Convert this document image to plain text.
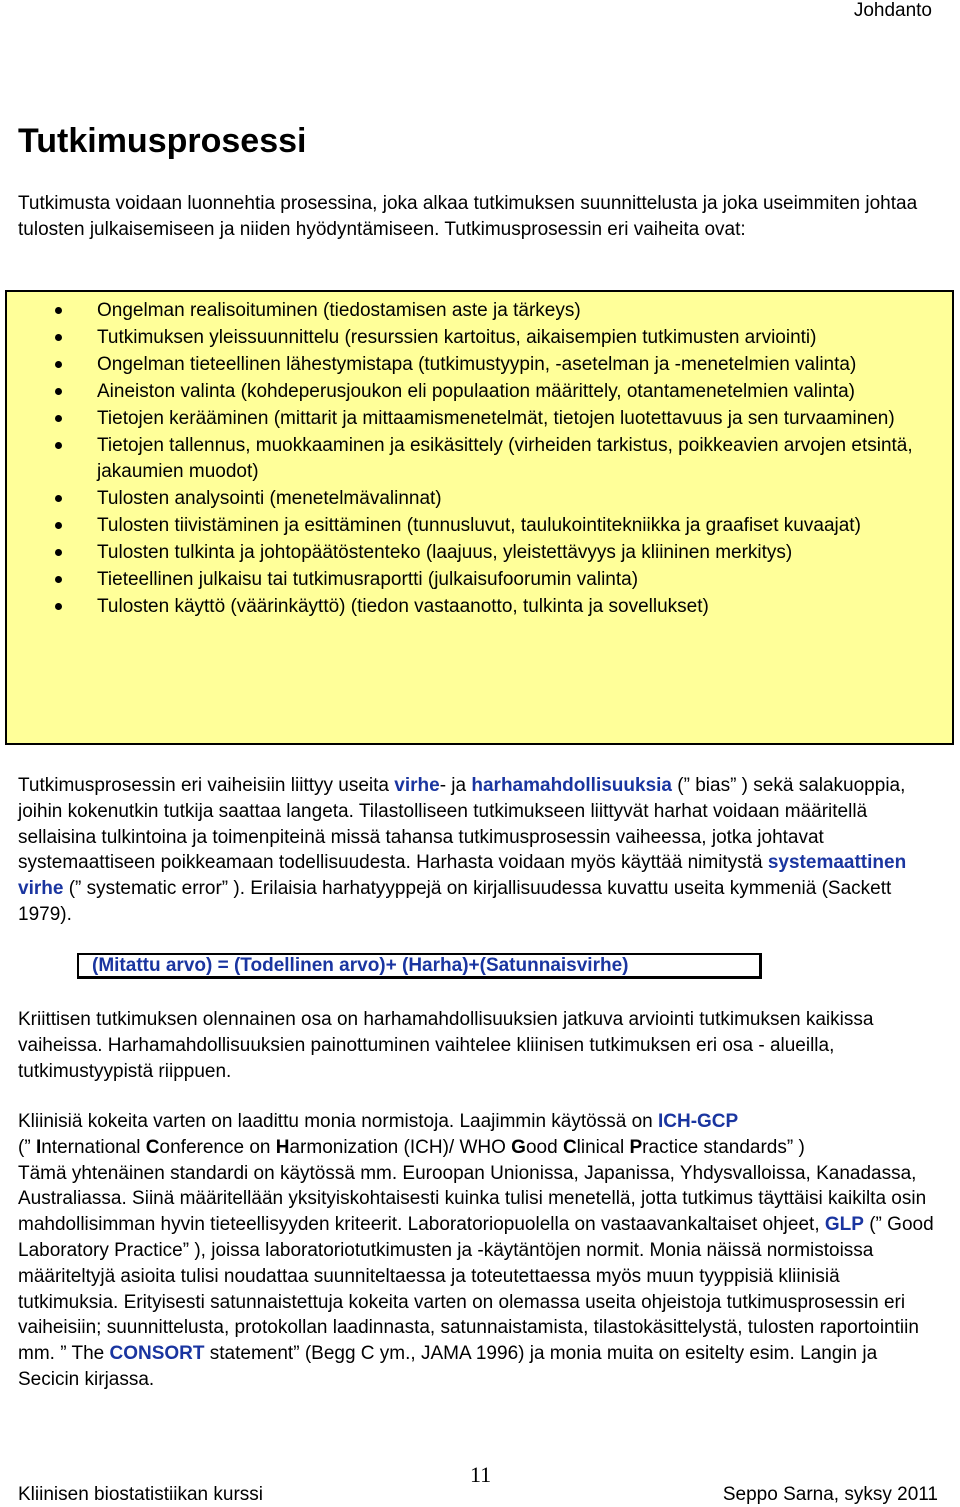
Johdanto
Tutkimusprosessi
Tutkimusta voidaan luonnehtia prosessina, joka alkaa tutkimuksen suunnittelusta ja joka useimmiten johtaa tulosten julkaisemiseen ja niiden hyödyntämiseen. Tutkimusprosessin eri vaiheita ovat:
Ongelman realisoituminen (tiedostamisen aste ja tärkeys)
Tutkimuksen yleissuunnittelu (resurssien kartoitus, aikaisempien tutkimusten arviointi)
Ongelman tieteellinen lähestymistapa (tutkimustyypin, -asetelman ja -menetelmien valinta)
Aineiston valinta (kohdeperusjoukon eli populaation määrittely, otantamenetelmien valinta)
Tietojen kerääminen (mittarit ja mittaamismenetelmät, tietojen luotettavuus ja sen turvaaminen)
Tietojen tallennus, muokkaaminen ja esikäsittely (virheiden tarkistus, poikkeavien arvojen etsintä, jakaumien muodot)
Tulosten analysointi (menetelmävalinnat)
Tulosten tiivistäminen ja esittäminen (tunnusluvut, taulukointitekniikka ja graafiset kuvaajat)
Tulosten tulkinta ja johtopäätöstenteko (laajuus, yleistettävyys ja kliininen merkitys)
Tieteellinen julkaisu tai tutkimusraportti (julkaisufoorumin valinta)
Tulosten käyttö (väärinkäyttö) (tiedon vastaanotto, tulkinta ja sovellukset)
Tutkimusprosessin eri vaiheisiin liittyy useita virhe- ja harhamahdollisuuksia (” bias” ) sekä salakuoppia, joihin kokenutkin tutkija saattaa langeta. Tilastolliseen tutkimukseen liittyvät harhat voidaan määritellä sellaisina tulkintoina ja toimenpiteinä missä tahansa tutkimusprosessin vaiheessa, jotka johtavat systemaattiseen poikkeamaan todellisuudesta. Harhasta voidaan myös käyttää nimitystä systemaattinen virhe (” systematic error” ). Erilaisia harhatyyppejä on kirjallisuudessa kuvattu useita kymmeniä (Sackett 1979).
(Mitattu arvo) = (Todellinen arvo)+ (Harha)+(Satunnaisvirhe)
Kriittisen tutkimuksen olennainen osa on harhamahdollisuuksien jatkuva arviointi tutkimuksen kaikissa vaiheissa. Harhamahdollisuuksien painottuminen vaihtelee kliinisen tutkimuksen eri osa - alueilla, tutkimustyypistä riippuen.
Kliinisiä kokeita varten on laadittu monia normistoja. Laajimmin käytössä on ICH-GCP
(” International Conference on Harmonization (ICH)/ WHO Good Clinical Practice standards” )
Tämä yhtenäinen standardi on käytössä mm. Euroopan Unionissa, Japanissa, Yhdysvalloissa, Kanadassa, Australiassa. Siinä määritellään yksityiskohtaisesti kuinka tulisi menetellä, jotta tutkimus täyttäisi kaikilta osin mahdollisimman hyvin tieteellisyyden kriteerit. Laboratoriopuolella on vastaavankaltaiset ohjeet, GLP (” Good Laboratory Practice” ), joissa laboratoriotutkimusten ja -käytäntöjen normit. Monia näissä normistoissa määriteltyjä asioita tulisi noudattaa suunniteltaessa ja toteutettaessa myös muun tyyppisiä kliinisiä tutkimuksia. Erityisesti satunnaistettuja kokeita varten on olemassa useita ohjeistoja tutkimusprosessin eri vaiheisiin; suunnittelusta, protokollan laadinnasta, satunnaistamista, tilastokäsittelystä, tulosten raportointiin mm. ” The CONSORT statement” (Begg C ym., JAMA 1996) ja monia muita on esitelty esim. Langin ja Secicin kirjassa.
11
Kliinisen biostatistiikan kurssi	Seppo Sarna, syksy 2011
